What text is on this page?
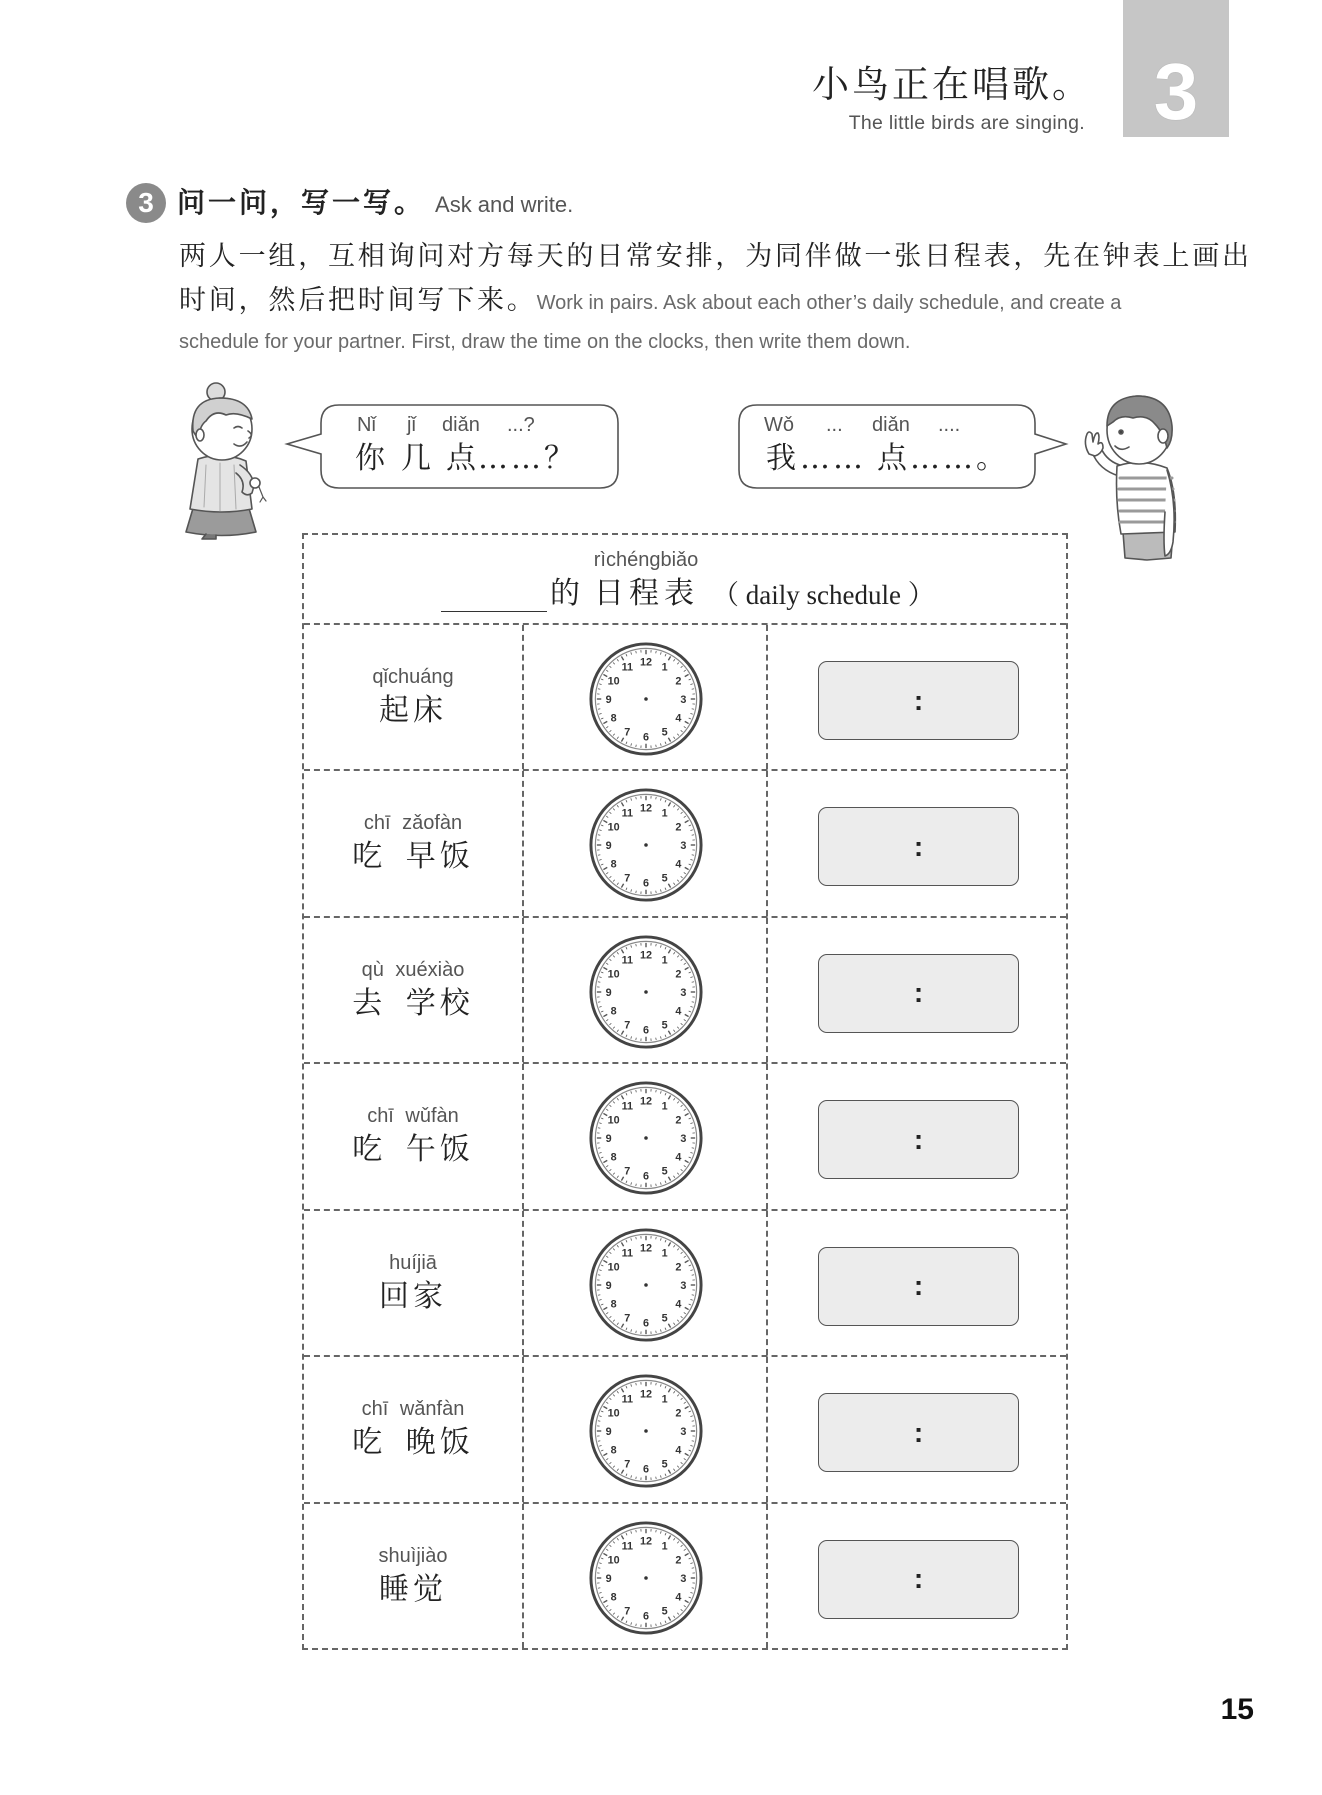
3
小鸟正在唱歌。
The little birds are singing.
3 问一问，写一写。 Ask and write.
两人一组，互相询问对方每天的日常安排，为同伴做一张日程表，先在钟表上画出
时间，然后把时间写下来。Work in pairs. Ask about each other’s daily schedule, and create a
schedule for your partner. First, draw the time on the clocks, then write them down.
Nǐ jǐ diǎn ...?
你 几 点 ……？
Wǒ ... diǎn ....
我 …… 点 ……。
rìchéngbiǎo
的 日程表 （ daily schedule ）
qǐchuáng
起床
12 1
2
3
4
5
6
7
8
9
10
11
:
chī zǎofàn
吃 早饭
12 1
2
3
4
5
6
7
8
9
10
11
:
qù xuéxiào
去 学校
12 1
2
3
4
5
6
7
8
9
10
11
:
chī wǔfàn
吃 午饭
12 1
2
3
4
5
6
7
8
9
10
11
:
huíjiā
回家
12 1
2
3
4
5
6
7
8
9
10
11
:
chī wǎnfàn
吃 晚饭
12 1
2
3
4
5
6
7
8
9
10
11
:
shuìjiào
睡觉
12 1
2
3
4
5
6
7
8
9
10
11
:
15
